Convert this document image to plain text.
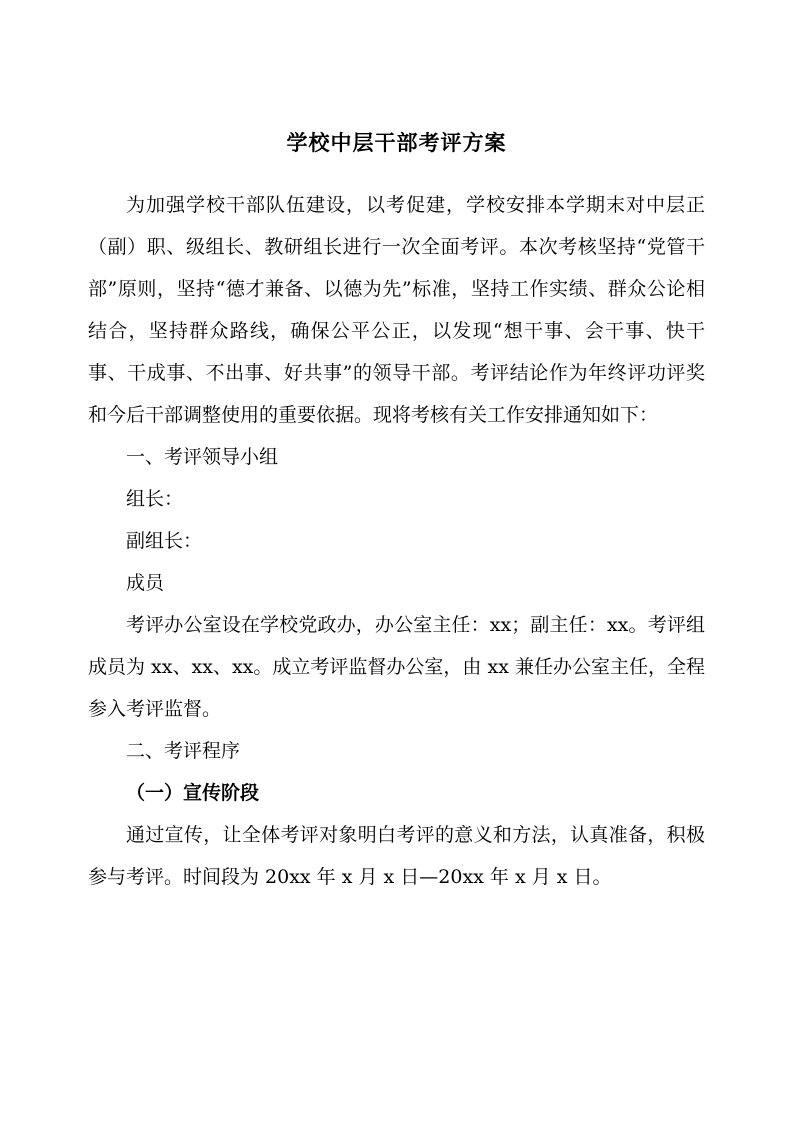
学校中层干部考评方案

为加强学校干部队伍建设，以考促建，学校安排本学期末对中层正（副）职、级组长、教研组长进行一次全面考评。本次考核坚持“党管干部”原则，坚持“德才兼备、以德为先”标准，坚持工作实绩、群众公论相结合，坚持群众路线，确保公平公正，以发现“想干事、会干事、快干事、干成事、不出事、好共事”的领导干部。考评结论作为年终评功评奖和今后干部调整使用的重要依据。现将考核有关工作安排通知如下：

一、考评领导小组

组长：

副组长：

成员

考评办公室设在学校党政办，办公室主任：xx；副主任：xx。考评组成员为 xx、xx、xx。成立考评监督办公室，由 xx 兼任办公室主任，全程参入考评监督。

二、考评程序

（一）宣传阶段

通过宣传，让全体考评对象明白考评的意义和方法，认真准备，积极参与考评。时间段为 20xx 年 x 月 x 日—20xx 年 x 月 x 日。
